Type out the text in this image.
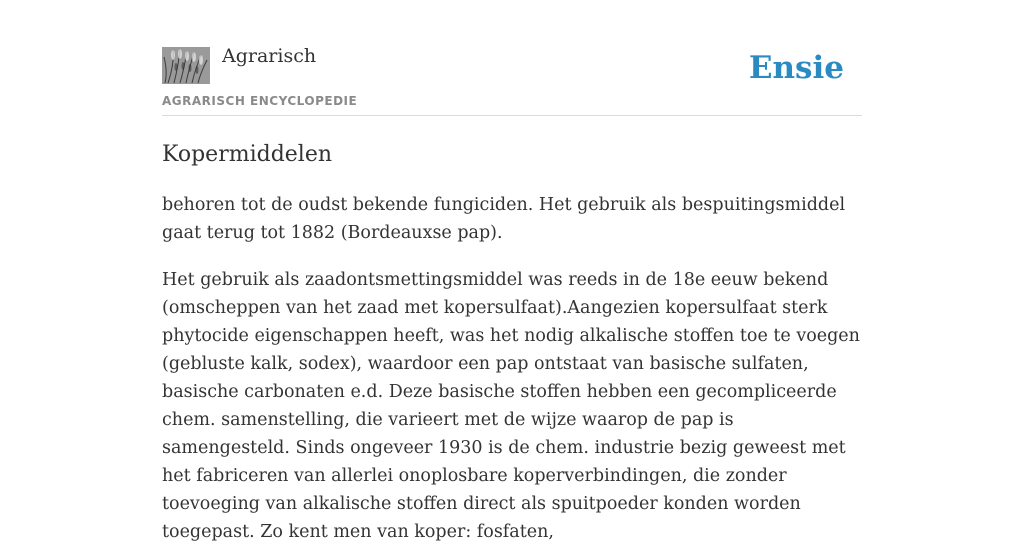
Agrarisch
AGRARISCH ENCYCLOPEDIE
Ensie
Kopermiddelen

behoren tot de oudst bekende fungiciden. Het gebruik als bespuitingsmiddel gaat terug tot 1882 (Bordeauxse pap).

Het gebruik als zaadontsmettingsmiddel was reeds in de 18e eeuw bekend (omscheppen van het zaad met kopersulfaat).Aangezien kopersulfaat sterk phytocide eigenschappen heeft, was het nodig alkalische stoffen toe te voegen (gebluste kalk, sodex), waardoor een pap ontstaat van basische sulfaten, basische carbonaten e.d. Deze basische stoffen hebben een gecompliceerde chem. samenstelling, die varieert met de wijze waarop de pap is samengesteld. Sinds ongeveer 1930 is de chem. industrie bezig geweest met het fabriceren van allerlei onoplosbare koperverbindingen, die zonder toevoeging van alkalische stoffen direct als spuitpoeder konden worden toegepast. Zo kent men van koper: fosfaten,
